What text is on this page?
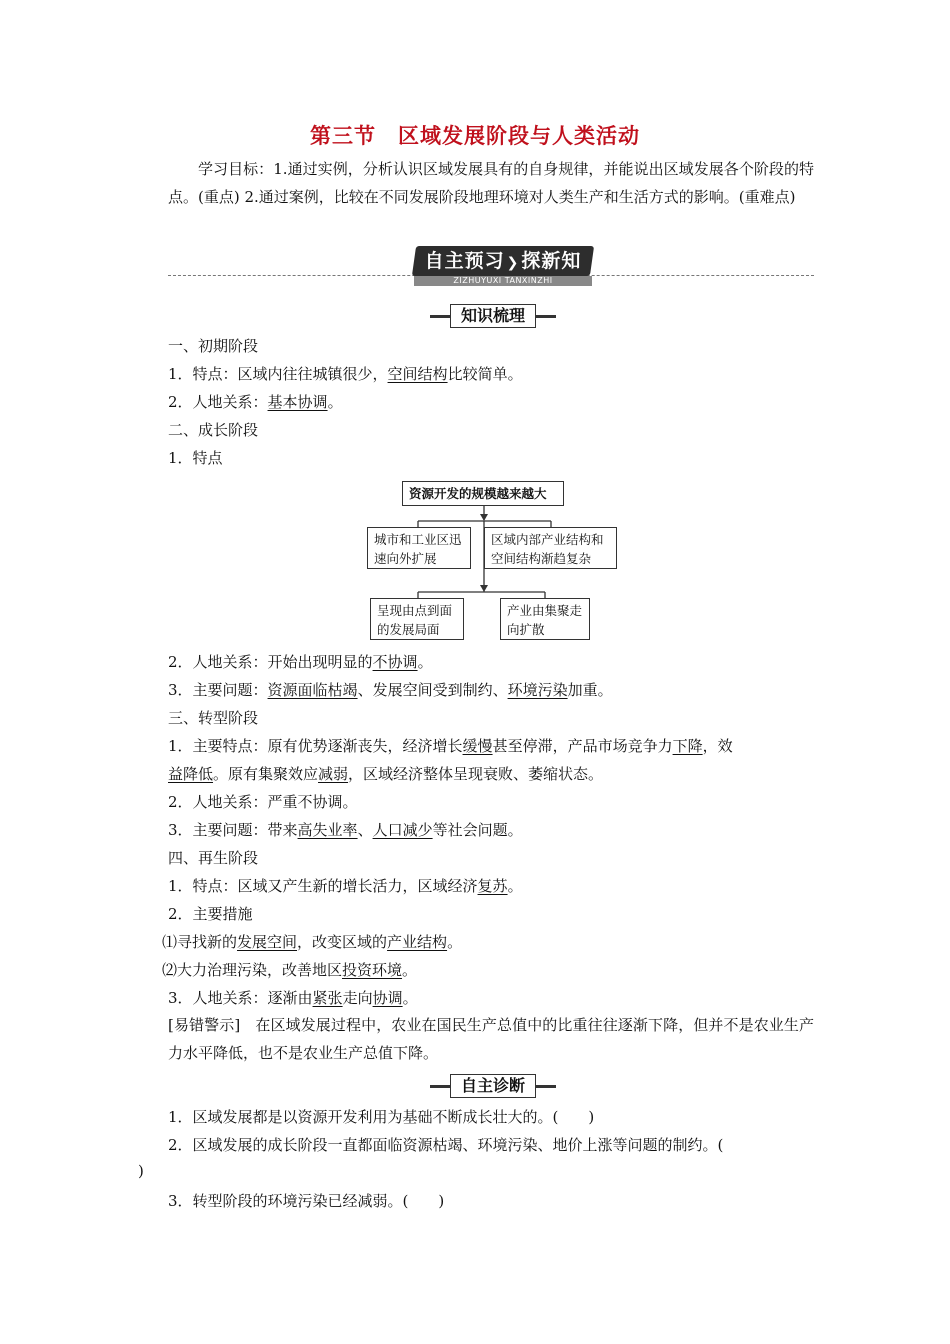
第三节 区域发展阶段与人类活动
学习目标：1.通过实例，分析认识区域发展具有的自身规律，并能说出区域发展各个阶段的特点。(重点) 2.通过案例，比较在不同发展阶段地理环境对人类生产和生活方式的影响。(重难点)
自主预习 ❯ 探新知
ZIZHUYUXI TANXINZHI
知识梳理
一、初期阶段
1．特点：区域内往往城镇很少，空间结构比较简单。
2．人地关系：基本协调。
二、成长阶段
1．特点
资源开发的规模越来越大
城市和工业区迅速向外扩展
区域内部产业结构和空间结构渐趋复杂
呈现由点到面的发展局面
产业由集聚走向扩散
2．人地关系：开始出现明显的不协调。
3．主要问题：资源面临枯竭、发展空间受到制约、环境污染加重。
三、转型阶段
1．主要特点：原有优势逐渐丧失，经济增长缓慢甚至停滞，产品市场竞争力下降，效
益降低。原有集聚效应减弱，区域经济整体呈现衰败、萎缩状态。
2．人地关系：严重不协调。
3．主要问题：带来高失业率、人口减少等社会问题。
四、再生阶段
1．特点：区域又产生新的增长活力，区域经济复苏。
2．主要措施
⑴寻找新的发展空间，改变区域的产业结构。
⑵大力治理污染，改善地区投资环境。
3．人地关系：逐渐由紧张走向协调。
[易错警示]　在区域发展过程中，农业在国民生产总值中的比重往往逐渐下降，但并不是农业生产力水平降低，也不是农业生产总值下降。
自主诊断
1．区域发展都是以资源开发利用为基础不断成长壮大的。(　　)
2．区域发展的成长阶段一直都面临资源枯竭、环境污染、地价上涨等问题的制约。(
)
3．转型阶段的环境污染已经减弱。(　　)
